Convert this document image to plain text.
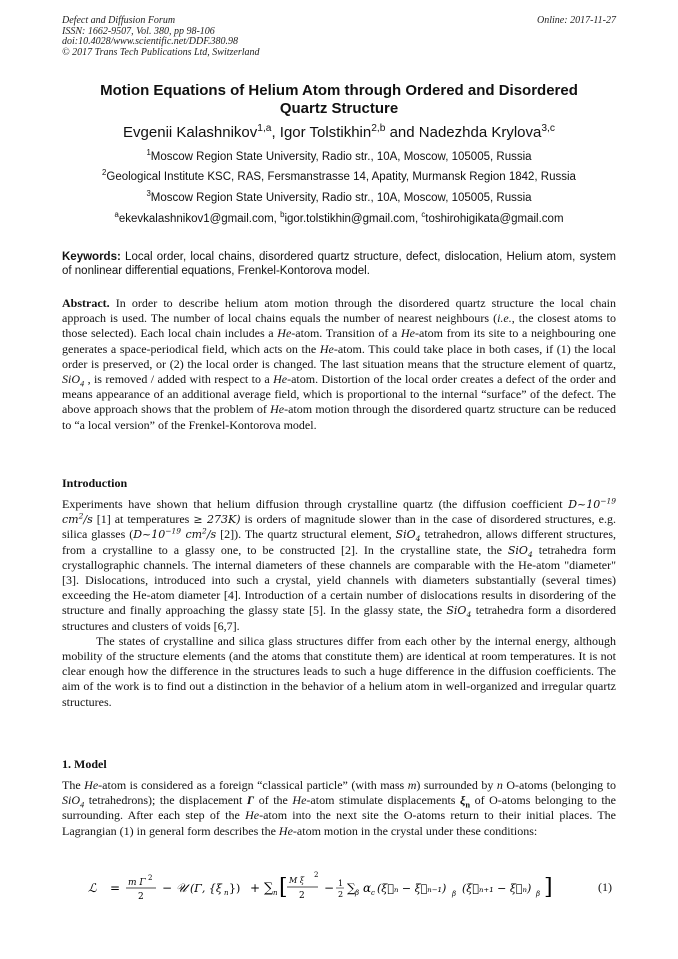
Defect and Diffusion Forum
ISSN: 1662-9507, Vol. 380, pp 98-106
doi:10.4028/www.scientific.net/DDF.380.98
© 2017 Trans Tech Publications Ltd, Switzerland
Online: 2017-11-27
Motion Equations of Helium Atom through Ordered and Disordered
Quartz Structure
Evgenii Kalashnikov$^{1,a}$, Igor Tolstikhin$^{2,b}$ and Nadezhda Krylova$^{3,c}$
$^1$Moscow Region State University, Radio str., 10A, Moscow, 105005, Russia
$^2$Geological Institute KSC, RAS, Fersmanstrasse 14, Apatity, Murmansk Region 1842, Russia
$^3$Moscow Region State University, Radio str., 10A, Moscow, 105005, Russia
$^a$ekevkalashnikov1@gmail.com, $^b$igor.tolstikhin@gmail.com, $^c$toshirohigikata@gmail.com
Keywords: Local order, local chains, disordered quartz structure, defect, dislocation, Helium atom, system of nonlinear differential equations, Frenkel-Kontorova model.

Abstract. In order to describe helium atom motion through the disordered quartz structure the local chain approach is used. The number of local chains equals the number of nearest neighbours (i.e., the closest atoms to those selected). Each local chain includes a He-atom. Transition of a He-atom from its site to a neighbouring one generates a space-periodical field, which acts on the He-atom. This could take place in both cases, if (1) the local order is preserved, or (2) the local order is changed. The last situation means that the structure element of quartz, SiO$_4$ , is removed / added with respect to a He-atom. Distortion of the local order creates a defect of the order and means appearance of an additional average field, which is proportional to the internal “surface” of the defect. The above approach shows that the problem of He-atom motion through the disordered quartz structure can be reduced to “a local version” of the Frenkel-Kontorova model.

Introduction

Experiments have shown that helium diffusion through crystalline quartz (the diffusion coefficient $D\sim 10^{-19}$ $cm^2/s$ [1] at temperatures ≥ 273K) is orders of magnitude slower than in the case of disordered structures, e.g. silica glasses ($D\sim 10^{-19}$ $cm^2/s$ [2]). The quartz structural element, SiO$_4$ tetrahedron, allows different structures, from a crystalline to a glassy one, to be constructed [2]. In the crystalline state, the SiO$_4$ tetrahedra form crystallographic channels. The internal diameters of these channels are comparable with the He-atom "diameter" [3]. Dislocations, introduced into such a crystal, yield channels with diameters substantially (several times) exceeding the He-atom diameter [4]. Introduction of a certain number of dislocations results in disordering of the structure and finally approaching the glassy state [5]. In the glassy state, the SiO$_4$ tetrahedra form a disordered structures and clusters of voids [6,7].

The states of crystalline and silica glass structures differ from each other by the internal energy, although mobility of the structure elements (and the atoms that constitute them) are identical at room temperatures. It is not clear enough how the difference in the structures leads to such a huge difference in the diffusion coefficients. The aim of the work is to find out a distinction in the behavior of a helium atom in well-organized and irregular quartz structures.

1. Model

The He-atom is considered as a foreign “classical particle” (with mass m) surrounded by n O-atoms (belonging to SiO$_4$ tetrahedrons); the displacement Γ of the He-atom stimulate displacements $\xi_n$ of O-atoms belonging to the surrounding. After each step of the He-atom into the next site the O-atoms return to their initial places. The Lagrangian (1) in general form describes the He-atom motion in the crystal under these conditions:

ℒ = m Γ 2
2
− 𝒰 (Γ, {ξ n }) + ∑ n [ M ξ
2
2
− 1
2 ∑ β α c (ξ⃗ₙ − ξ⃗ₙ₋₁) β (ξ⃗ₙ₊₁ − ξ⃗ₙ) β ]	(1)
